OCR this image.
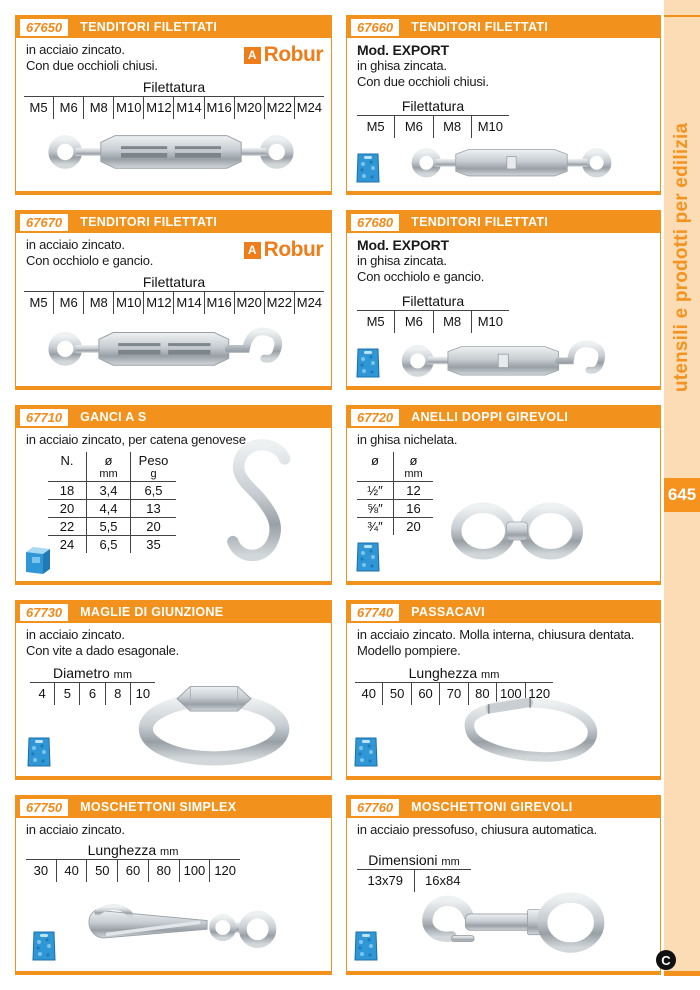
67650	TENDITORI FILETTATI
A Robur
in acciaio zincato.
Con due occhioli chiusi.
Filettatura
M5 M6 M8 M10 M12 M14 M16 M20 M22 M24
67660	TENDITORI FILETTATI
Mod. EXPORT
in ghisa zincata.
Con due occhioli chiusi.
Filettatura
M5	M6	M8	M10
67670	TENDITORI FILETTATI
A Robur
in acciaio zincato.
Con occhiolo e gancio.
Filettatura
M5 M6 M8 M10 M12 M14 M16 M20 M22 M24
67680	TENDITORI FILETTATI
Mod. EXPORT
in ghisa zincata.
Con occhiolo e gancio.
Filettatura
M5	M6	M8	M10
67710	GANCI A S
in acciaio zincato, per catena genovese.
N.	ø
mm
Peso
g
18	3,4	6,5
20	4,4	13
22	5,5	20
24	6,5	35
67720	ANELLI DOPPI GIREVOLI
in ghisa nichelata.
ø	ø
mm
½″	12
⅝″	16
¾″	20
67730	MAGLIE DI GIUNZIONE
in acciaio zincato.
Con vite a dado esagonale.
Diametro mm
4	5	6	8	10
67740	PASSACAVI
in acciaio zincato. Molla interna, chiusura dentata.
Modello pompiere.
Lunghezza mm
40	50	60	70	80 100 120
67750	MOSCHETTONI SIMPLEX
in acciaio zincato.
Lunghezza mm
30	40	50	60	80 100 120
67760	MOSCHETTONI GIREVOLI
in acciaio pressofuso, chiusura automatica.
Dimensioni mm
13x79	16x84
utensili e prodotti per edilizia
645
C
